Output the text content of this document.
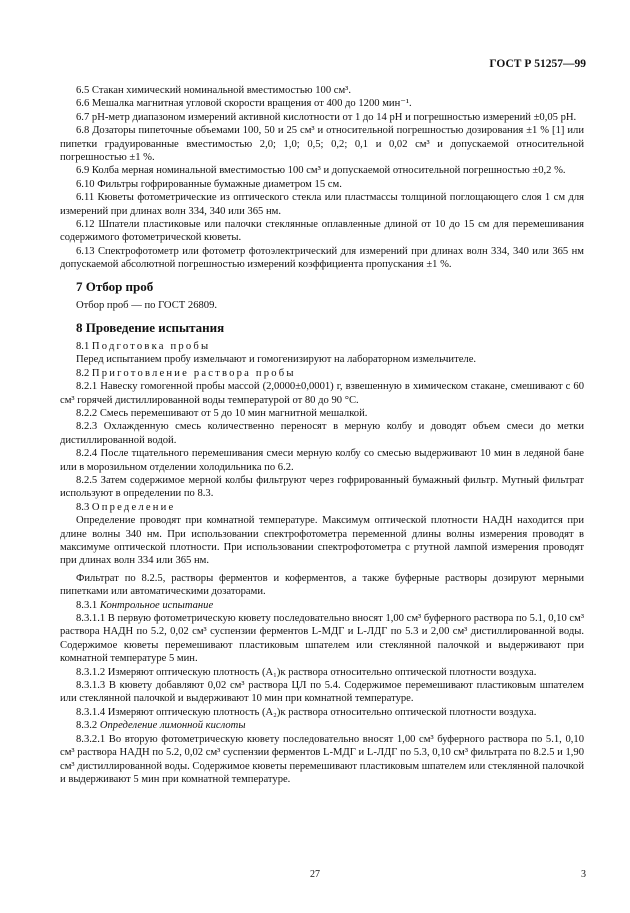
ГОСТ Р 51257—99

6.5 Стакан химический номинальной вместимостью 100 см³.

6.6 Мешалка магнитная угловой скорости вращения от 400 до 1200 мин⁻¹.

6.7 рН-метр диапазоном измерений активной кислотности от 1 до 14 рН и погрешностью измерений ±0,05 рН.

6.8 Дозаторы пипеточные объемами 100, 50 и 25 см³ и относительной погрешностью дозирования ±1 % [1] или пипетки градуированные вместимостью 2,0; 1,0; 0,5; 0,2; 0,1 и 0,02 см³ и допускаемой относительной погрешностью ±1 %.

6.9 Колба мерная номинальной вместимостью 100 см³ и допускаемой относительной погрешностью ±0,2 %.

6.10 Фильтры гофрированные бумажные диаметром 15 см.

6.11 Кюветы фотометрические из оптического стекла или пластмассы толщиной поглощающего слоя 1 см для измерений при длинах волн 334, 340 или 365 нм.

6.12 Шпатели пластиковые или палочки стеклянные оплавленные длиной от 10 до 15 см для перемешивания содержимого фотометрической кюветы.

6.13 Спектрофотометр или фотометр фотоэлектрический для измерений при длинах волн 334, 340 или 365 нм допускаемой абсолютной погрешностью измерений коэффициента пропускания ±1 %.

7 Отбор проб

Отбор проб — по ГОСТ 26809.

8 Проведение испытания

8.1 Подготовка пробы

Перед испытанием пробу измельчают и гомогенизируют на лабораторном измельчителе.

8.2 Приготовление раствора пробы

8.2.1 Навеску гомогенной пробы массой (2,0000±0,0001) г, взвешенную в химическом стакане, смешивают с 60 см³ горячей дистиллированной воды температурой от 80 до 90 °С.

8.2.2 Смесь перемешивают от 5 до 10 мин магнитной мешалкой.

8.2.3 Охлажденную смесь количественно переносят в мерную колбу и доводят объем смеси до метки дистиллированной водой.

8.2.4 После тщательного перемешивания смеси мерную колбу со смесью выдерживают 10 мин в ледяной бане или в морозильном отделении холодильника по 6.2.

8.2.5 Затем содержимое мерной колбы фильтруют через гофрированный бумажный фильтр. Мутный фильтрат используют в определении по 8.3.

8.3 Определение

Определение проводят при комнатной температуре. Максимум оптической плотности НАДН находится при длине волны 340 нм. При использовании спектрофотометра переменной длины волны измерения проводят в максимуме оптической плотности. При использовании спектрофотометра с ртутной лампой измерения проводят при длинах волн 334 или 365 нм.

Фильтрат по 8.2.5, растворы ферментов и коферментов, а также буферные растворы дозируют мерными пипетками или автоматическими дозаторами.

8.3.1 Контрольное испытание

8.3.1.1 В первую фотометрическую кювету последовательно вносят 1,00 см³ буферного раствора по 5.1, 0,10 см³ раствора НАДН по 5.2, 0,02 см³ суспензии ферментов L-МДГ и L-ЛДГ по 5.3 и 2,00 см³ дистиллированной воды. Содержимое кюветы перемешивают пластиковым шпателем или стеклянной палочкой и выдерживают при комнатной температуре 5 мин.

8.3.1.2 Измеряют оптическую плотность (A₁)к раствора относительно оптической плотности воздуха.

8.3.1.3 В кювету добавляют 0,02 см³ раствора ЦЛ по 5.4. Содержимое перемешивают пластиковым шпателем или стеклянной палочкой и выдерживают 10 мин при комнатной температуре.

8.3.1.4 Измеряют оптическую плотность (A₂)к раствора относительно оптической плотности воздуха.

8.3.2 Определение лимонной кислоты

8.3.2.1 Во вторую фотометрическую кювету последовательно вносят 1,00 см³ буферного раствора по 5.1, 0,10 см³ раствора НАДН по 5.2, 0,02 см³ суспензии ферментов L-МДГ и L-ЛДГ по 5.3, 0,10 см³ фильтрата по 8.2.5 и 1,90 см³ дистиллированной воды. Содержимое кюветы перемешивают пластиковым шпателем или стеклянной палочкой и выдерживают 5 мин при комнатной температуре.

27	3
